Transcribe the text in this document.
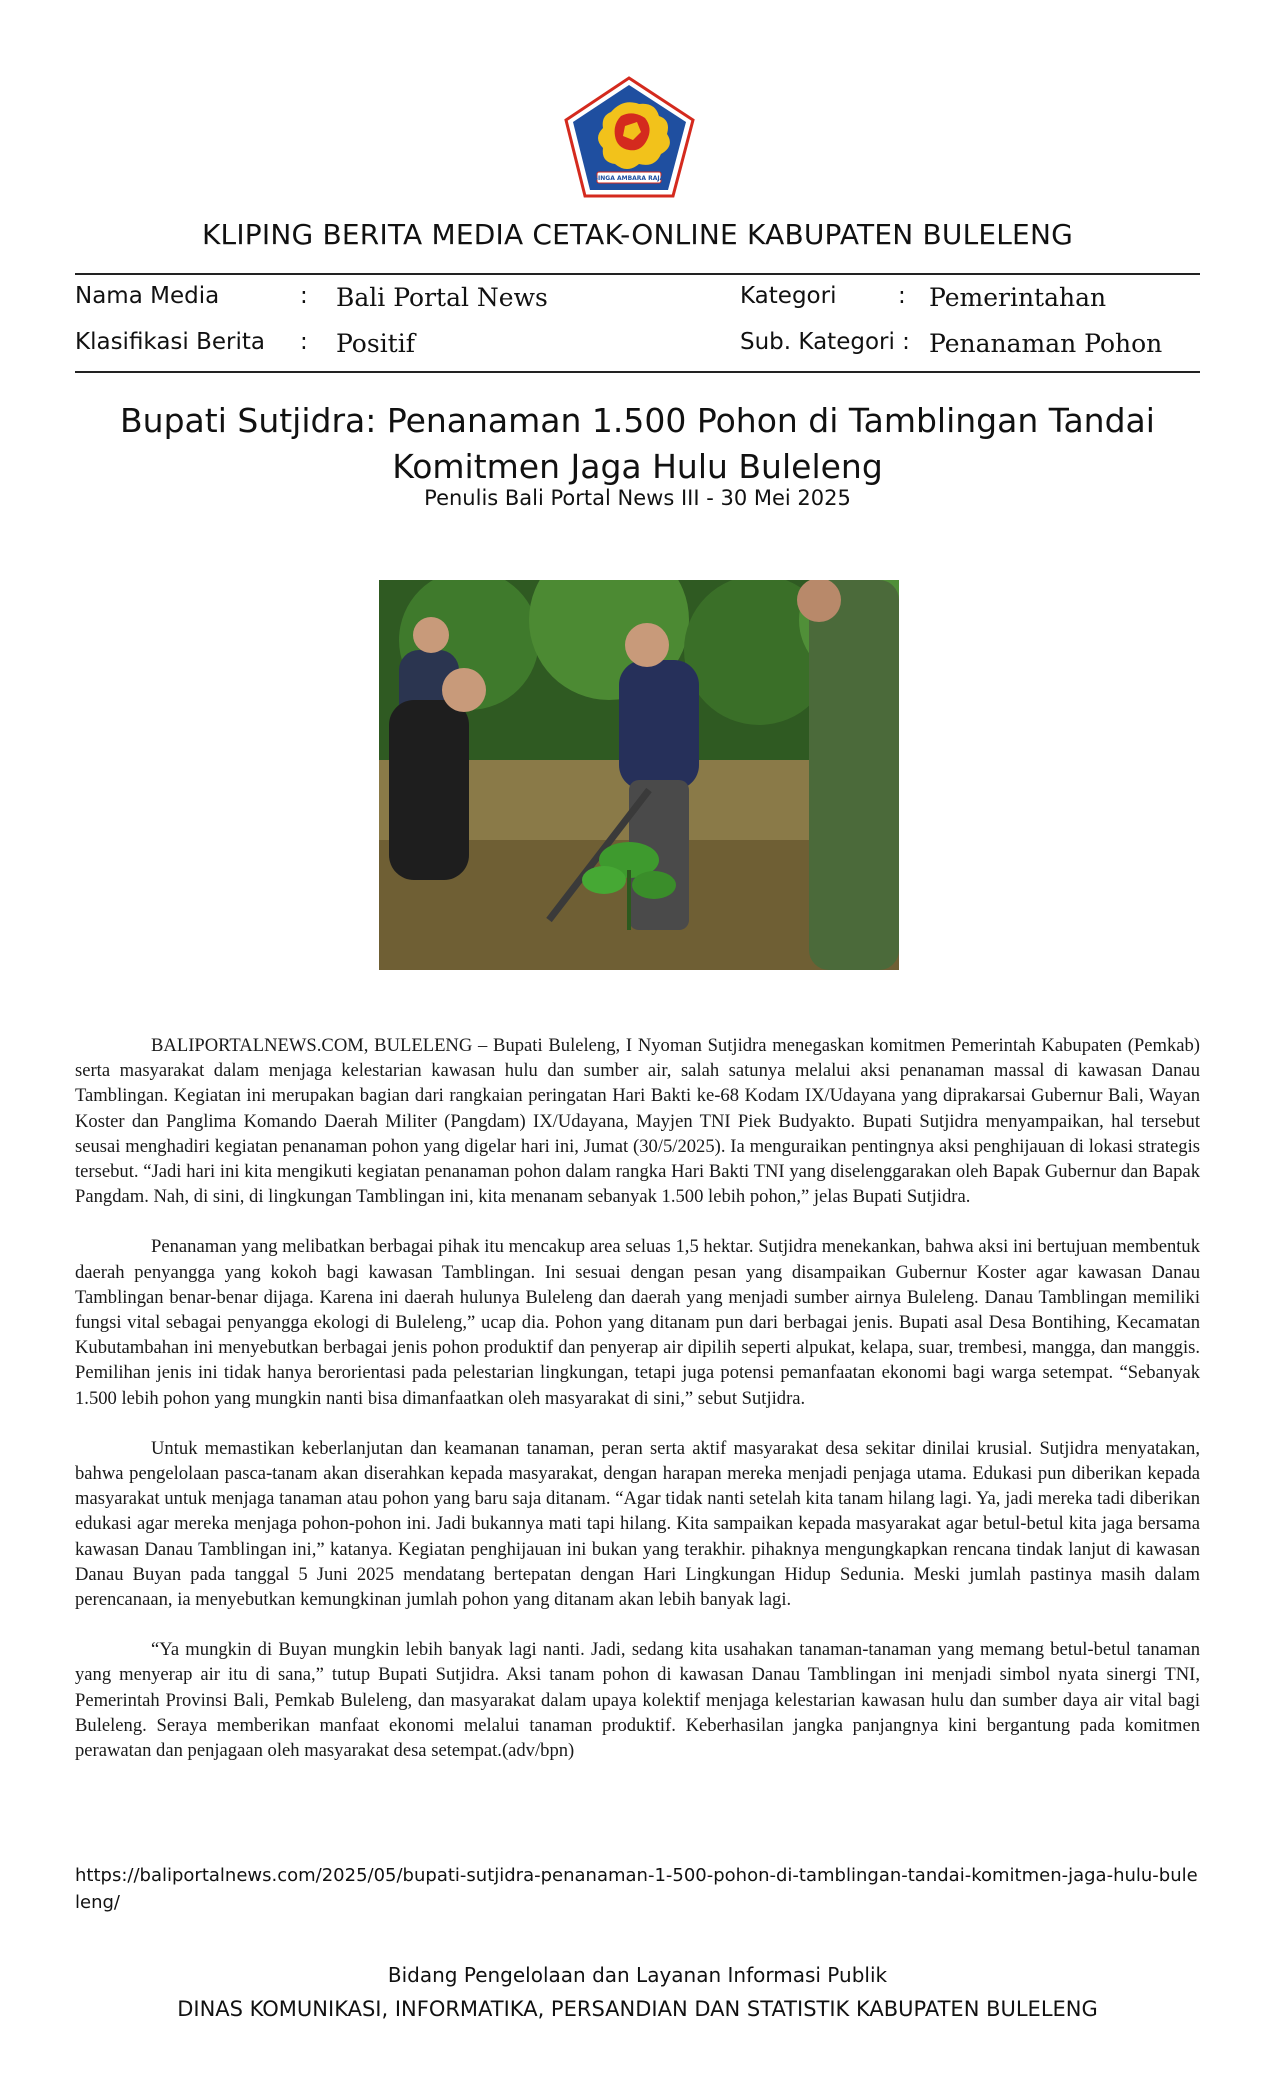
SINGA AMBARA RAJA
KLIPING BERITA MEDIA CETAK-ONLINE KABUPATEN BULELENG
Nama Media	: Bali Portal News	Kategori	: Pemerintahan
Klasifikasi Berita : Positif	Sub. Kategori : Penanaman Pohon
Bupati Sutjidra: Penanaman 1.500 Pohon di Tamblingan Tandai Komitmen Jaga Hulu Buleleng
Penulis Bali Portal News III - 30 Mei 2025

BALIPORTALNEWS.COM, BULELENG – Bupati Buleleng, I Nyoman Sutjidra menegaskan komitmen Pemerintah Kabupaten (Pemkab) serta masyarakat dalam menjaga kelestarian kawasan hulu dan sumber air, salah satunya melalui aksi penanaman massal di kawasan Danau Tamblingan. Kegiatan ini merupakan bagian dari rangkaian peringatan Hari Bakti ke-68 Kodam IX/Udayana yang diprakarsai Gubernur Bali, Wayan Koster dan Panglima Komando Daerah Militer (Pangdam) IX/Udayana, Mayjen TNI Piek Budyakto. Bupati Sutjidra menyampaikan, hal tersebut seusai menghadiri kegiatan penanaman pohon yang digelar hari ini, Jumat (30/5/2025). Ia menguraikan pentingnya aksi penghijauan di lokasi strategis tersebut. “Jadi hari ini kita mengikuti kegiatan penanaman pohon dalam rangka Hari Bakti TNI yang diselenggarakan oleh Bapak Gubernur dan Bapak Pangdam. Nah, di sini, di lingkungan Tamblingan ini, kita menanam sebanyak 1.500 lebih pohon,” jelas Bupati Sutjidra.

Penanaman yang melibatkan berbagai pihak itu mencakup area seluas 1,5 hektar. Sutjidra menekankan, bahwa aksi ini bertujuan membentuk daerah penyangga yang kokoh bagi kawasan Tamblingan. Ini sesuai dengan pesan yang disampaikan Gubernur Koster agar kawasan Danau Tamblingan benar-benar dijaga. Karena ini daerah hulunya Buleleng dan daerah yang menjadi sumber airnya Buleleng. Danau Tamblingan memiliki fungsi vital sebagai penyangga ekologi di Buleleng,” ucap dia. Pohon yang ditanam pun dari berbagai jenis. Bupati asal Desa Bontihing, Kecamatan Kubutambahan ini menyebutkan berbagai jenis pohon produktif dan penyerap air dipilih seperti alpukat, kelapa, suar, trembesi, mangga, dan manggis. Pemilihan jenis ini tidak hanya berorientasi pada pelestarian lingkungan, tetapi juga potensi pemanfaatan ekonomi bagi warga setempat. “Sebanyak 1.500 lebih pohon yang mungkin nanti bisa dimanfaatkan oleh masyarakat di sini,” sebut Sutjidra.

Untuk memastikan keberlanjutan dan keamanan tanaman, peran serta aktif masyarakat desa sekitar dinilai krusial. Sutjidra menyatakan, bahwa pengelolaan pasca-tanam akan diserahkan kepada masyarakat, dengan harapan mereka menjadi penjaga utama. Edukasi pun diberikan kepada masyarakat untuk menjaga tanaman atau pohon yang baru saja ditanam. “Agar tidak nanti setelah kita tanam hilang lagi. Ya, jadi mereka tadi diberikan edukasi agar mereka menjaga pohon-pohon ini. Jadi bukannya mati tapi hilang. Kita sampaikan kepada masyarakat agar betul-betul kita jaga bersama kawasan Danau Tamblingan ini,” katanya. Kegiatan penghijauan ini bukan yang terakhir. pihaknya mengungkapkan rencana tindak lanjut di kawasan Danau Buyan pada tanggal 5 Juni 2025 mendatang bertepatan dengan Hari Lingkungan Hidup Sedunia. Meski jumlah pastinya masih dalam perencanaan, ia menyebutkan kemungkinan jumlah pohon yang ditanam akan lebih banyak lagi.

“Ya mungkin di Buyan mungkin lebih banyak lagi nanti. Jadi, sedang kita usahakan tanaman-tanaman yang memang betul-betul tanaman yang menyerap air itu di sana,” tutup Bupati Sutjidra. Aksi tanam pohon di kawasan Danau Tamblingan ini menjadi simbol nyata sinergi TNI, Pemerintah Provinsi Bali, Pemkab Buleleng, dan masyarakat dalam upaya kolektif menjaga kelestarian kawasan hulu dan sumber daya air vital bagi Buleleng. Seraya memberikan manfaat ekonomi melalui tanaman produktif. Keberhasilan jangka panjangnya kini bergantung pada komitmen perawatan dan penjagaan oleh masyarakat desa setempat.(adv/bpn)

https://baliportalnews.com/2025/05/bupati-sutjidra-penanaman-1-500-pohon-di-tamblingan-tandai-komitmen-jaga-hulu-buleleng/
Bidang Pengelolaan dan Layanan Informasi Publik
DINAS KOMUNIKASI, INFORMATIKA, PERSANDIAN DAN STATISTIK KABUPATEN BULELENG
